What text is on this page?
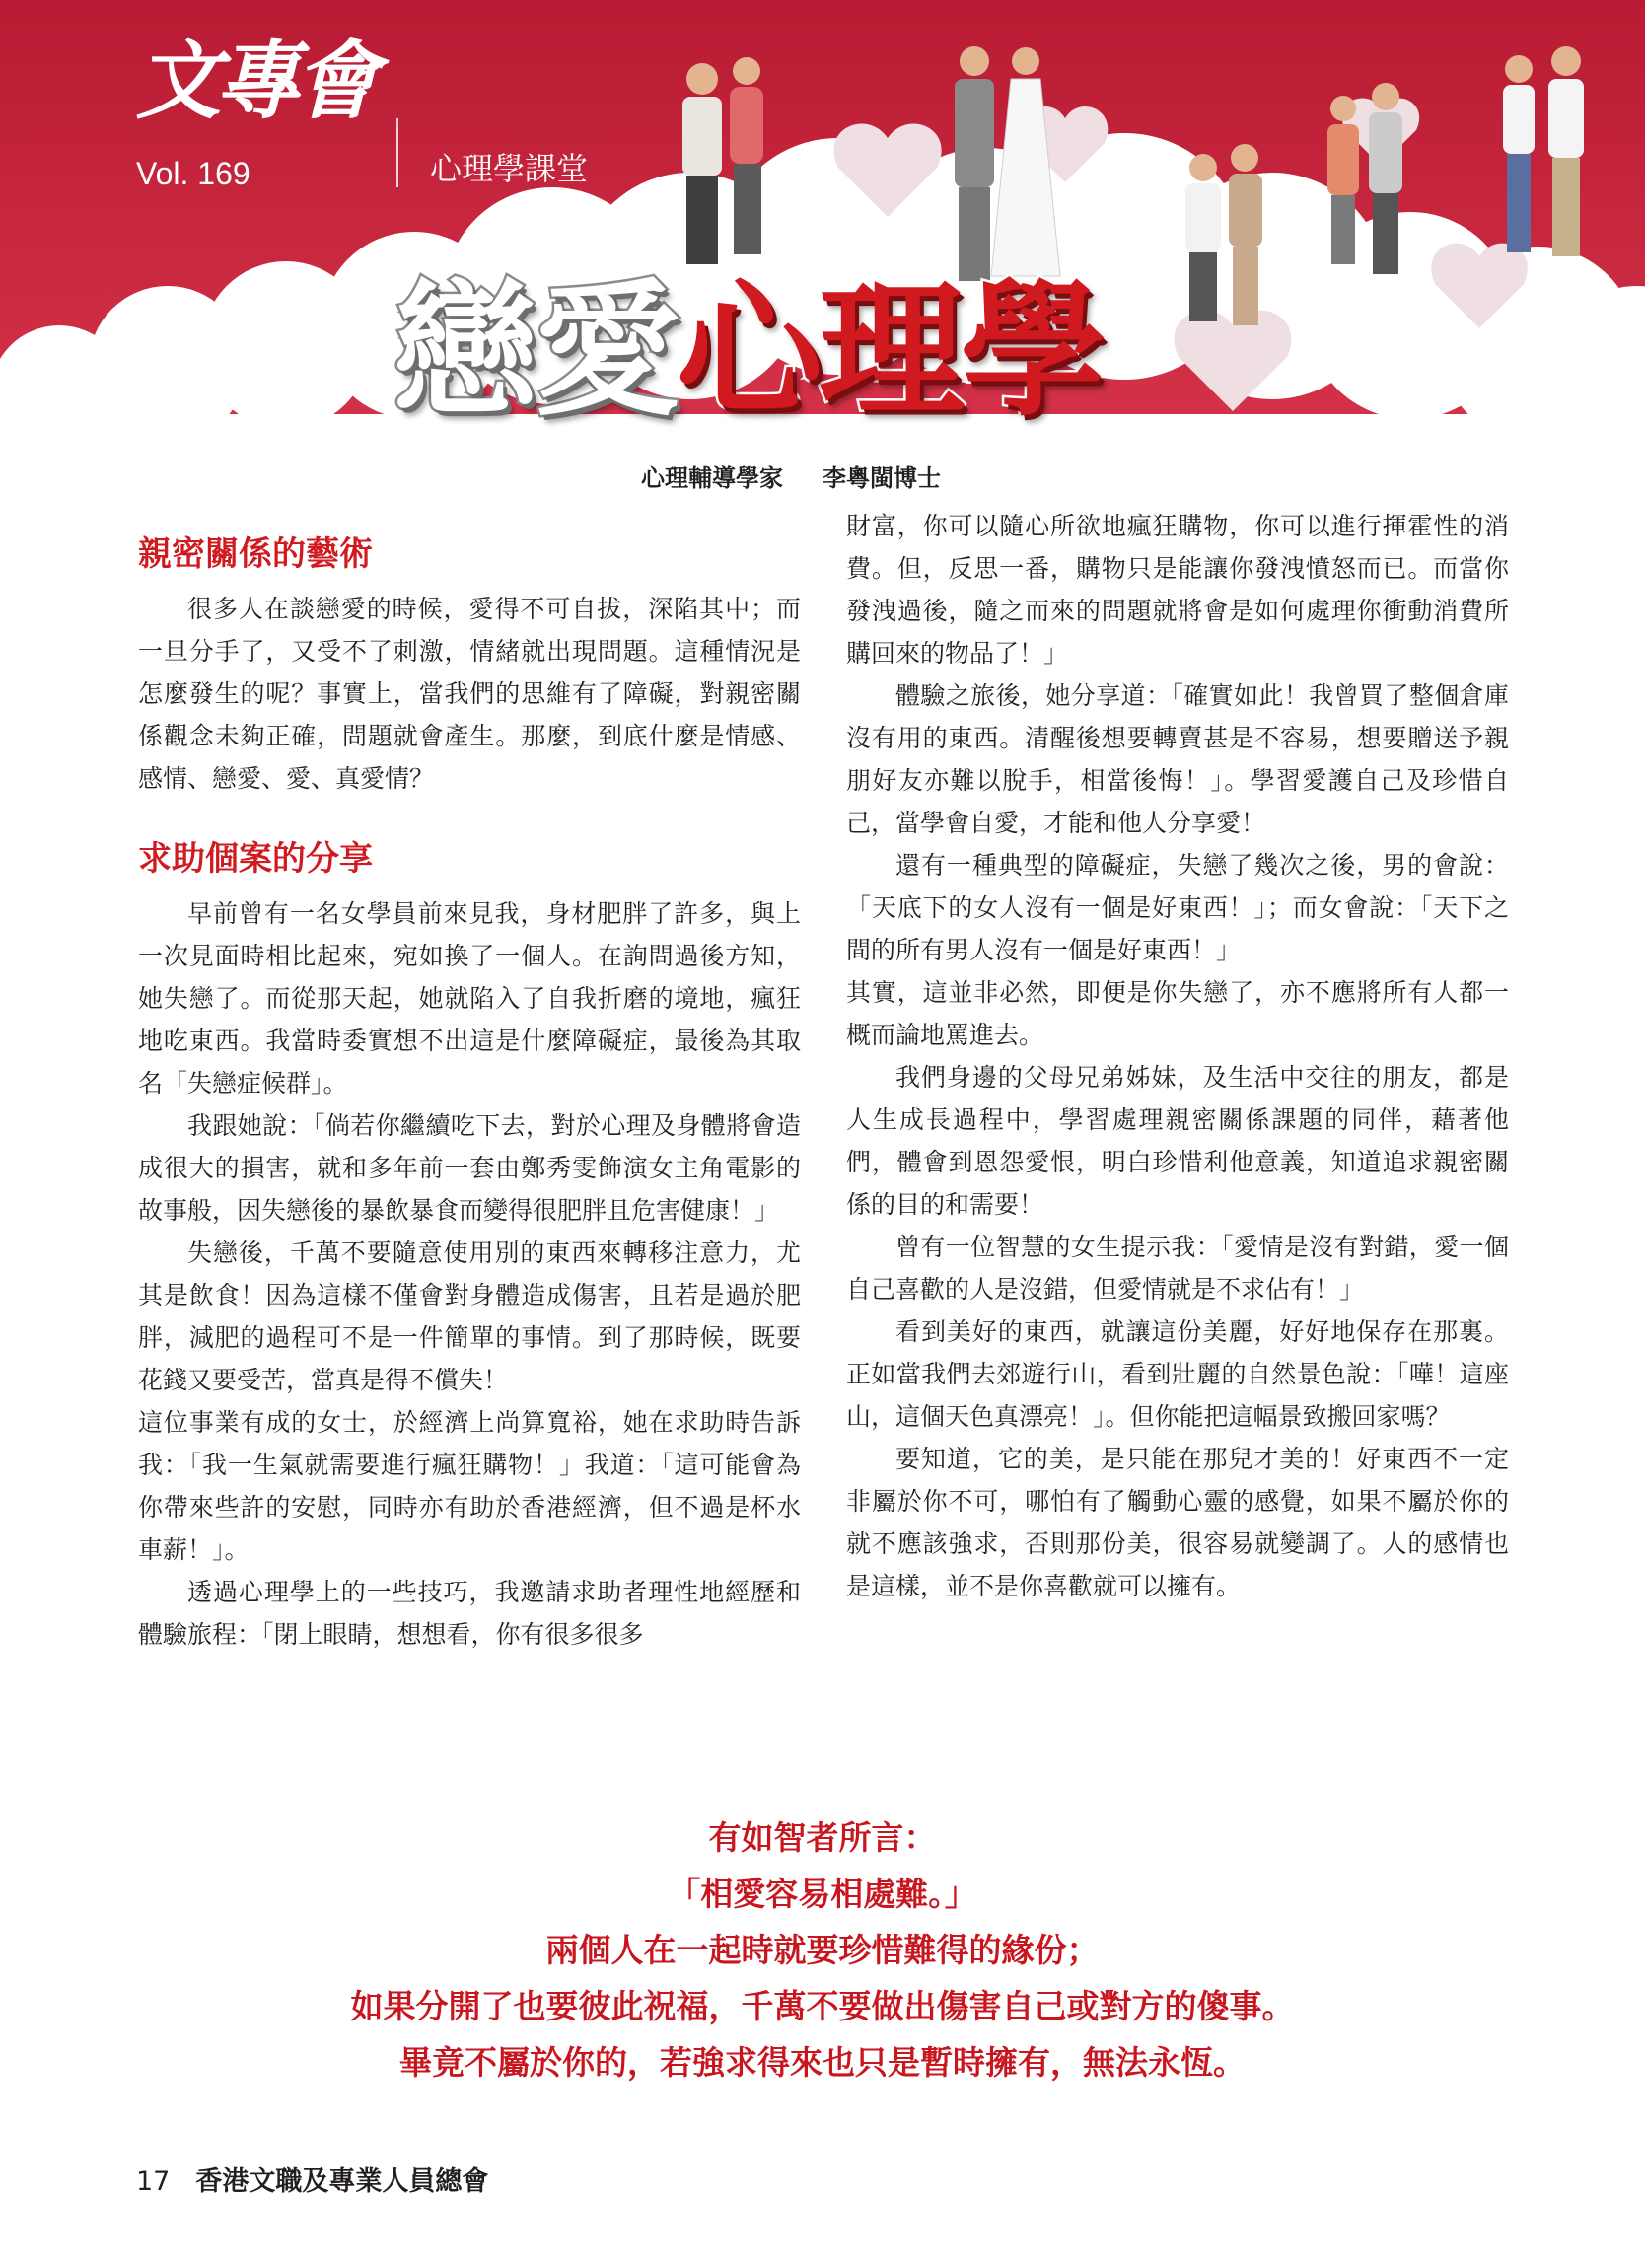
文專會
Vol. 169	心理學課堂
戀愛心理學
心理輔導學家 李粵閩博士
親密關係的藝術

很多人在談戀愛的時候，愛得不可自拔，深陷其中；而一旦分手了，又受不了刺激，情緒就出現問題。這種情況是怎麼發生的呢？事實上，當我們的思維有了障礙，對親密關係觀念未夠正確，問題就會產生。那麼，到底什麼是情感、感情、戀愛、愛、真愛情？

求助個案的分享

早前曾有一名女學員前來見我，身材肥胖了許多，與上一次見面時相比起來，宛如換了一個人。在詢問過後方知，她失戀了。而從那天起，她就陷入了自我折磨的境地，瘋狂地吃東西。我當時委實想不出這是什麼障礙症，最後為其取名「失戀症候群」。

我跟她說：「倘若你繼續吃下去，對於心理及身體將會造成很大的損害，就和多年前一套由鄭秀雯飾演女主角電影的故事般，因失戀後的暴飲暴食而變得很肥胖且危害健康！」

失戀後，千萬不要隨意使用別的東西來轉移注意力，尤其是飲食！因為這樣不僅會對身體造成傷害，且若是過於肥胖，減肥的過程可不是一件簡單的事情。到了那時候，既要花錢又要受苦，當真是得不償失！

這位事業有成的女士，於經濟上尚算寬裕，她在求助時告訴我：「我一生氣就需要進行瘋狂購物！」我道：「這可能會為你帶來些許的安慰，同時亦有助於香港經濟，但不過是杯水車薪！」。

透過心理學上的一些技巧，我邀請求助者理性地經歷和體驗旅程：「閉上眼睛，想想看，你有很多很多

財富，你可以隨心所欲地瘋狂購物，你可以進行揮霍性的消費。但，反思一番，購物只是能讓你發洩憤怒而已。而當你發洩過後，隨之而來的問題就將會是如何處理你衝動消費所購回來的物品了！」

體驗之旅後，她分享道：「確實如此！我曾買了整個倉庫沒有用的東西。清醒後想要轉賣甚是不容易，想要贈送予親朋好友亦難以脫手，相當後悔！」。學習愛護自己及珍惜自己，當學會自愛，才能和他人分享愛！

還有一種典型的障礙症，失戀了幾次之後，男的會說：「天底下的女人沒有一個是好東西！」；而女會說：「天下之間的所有男人沒有一個是好東西！」

其實，這並非必然，即便是你失戀了，亦不應將所有人都一概而論地罵進去。

我們身邊的父母兄弟姊妹，及生活中交往的朋友，都是人生成長過程中，學習處理親密關係課題的同伴，藉著他們，體會到恩怨愛恨，明白珍惜利他意義，知道追求親密關係的目的和需要！

曾有一位智慧的女生提示我：「愛情是沒有對錯，愛一個自己喜歡的人是沒錯，但愛情就是不求佔有！」

看到美好的東西，就讓這份美麗，好好地保存在那裏。正如當我們去郊遊行山，看到壯麗的自然景色說：「嘩！這座山，這個天色真漂亮！」。但你能把這幅景致搬回家嗎？

要知道，它的美，是只能在那兒才美的！好東西不一定非屬於你不可，哪怕有了觸動心靈的感覺，如果不屬於你的就不應該強求，否則那份美，很容易就變調了。人的感情也是這樣，並不是你喜歡就可以擁有。

有如智者所言：
「相愛容易相處難。」
兩個人在一起時就要珍惜難得的緣份；
如果分開了也要彼此祝福，千萬不要做出傷害自己或對方的傻事。
畢竟不屬於你的，若強求得來也只是暫時擁有，無法永恆。
17 香港文職及專業人員總會
